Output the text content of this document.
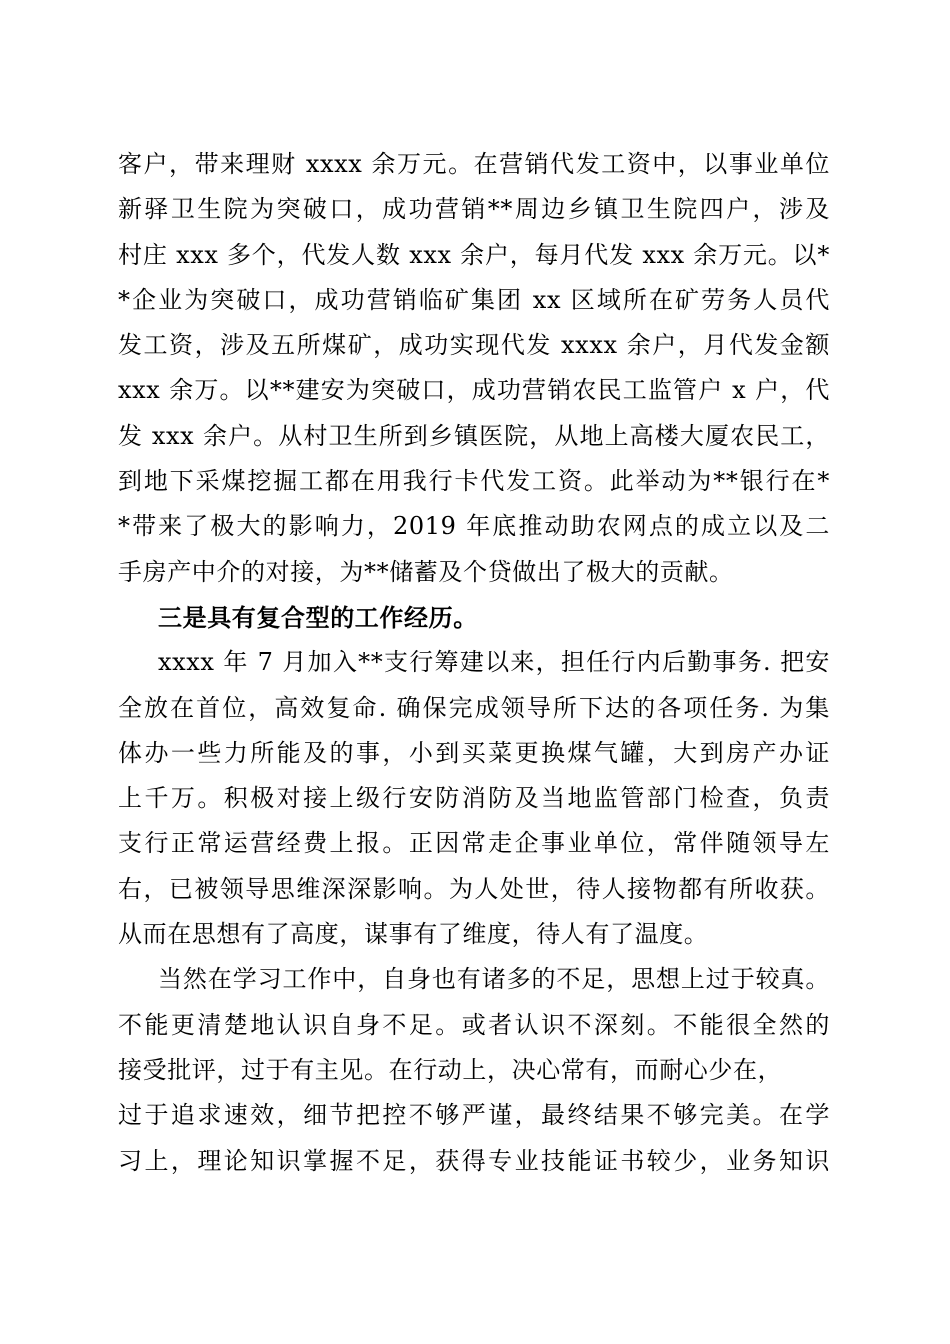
客户，带来理财 xxxx 余万元。在营销代发工资中，以事业单位
新驿卫生院为突破口，成功营销**周边乡镇卫生院四户，涉及
村庄 xxx 多个，代发人数 xxx 余户，每月代发 xxx 余万元。以*
*企业为突破口，成功营销临矿集团 xx 区域所在矿劳务人员代
发工资，涉及五所煤矿，成功实现代发 xxxx 余户，月代发金额
xxx 余万。以**建安为突破口，成功营销农民工监管户 x 户，代
发 xxx 余户。从村卫生所到乡镇医院，从地上高楼大厦农民工，
到地下采煤挖掘工都在用我行卡代发工资。此举动为**银行在*
*带来了极大的影响力，2019 年底推动助农网点的成立以及二
手房产中介的对接，为**储蓄及个贷做出了极大的贡献。
三是具有复合型的工作经历。
xxxx 年 7 月加入**支行筹建以来，担任行内后勤事务. 把安
全放在首位，高效复命. 确保完成领导所下达的各项任务. 为集
体办一些力所能及的事，小到买菜更换煤气罐，大到房产办证
上千万。积极对接上级行安防消防及当地监管部门检查，负责
支行正常运营经费上报。正因常走企事业单位，常伴随领导左
右，已被领导思维深深影响。为人处世，待人接物都有所收获。
从而在思想有了高度，谋事有了维度，待人有了温度。
当然在学习工作中，自身也有诸多的不足，思想上过于较真。
不能更清楚地认识自身不足。或者认识不深刻。不能很全然的
接受批评，过于有主见。在行动上，决心常有，而耐心少在，
过于追求速效，细节把控不够严谨，最终结果不够完美。在学
习上，理论知识掌握不足，获得专业技能证书较少，业务知识
